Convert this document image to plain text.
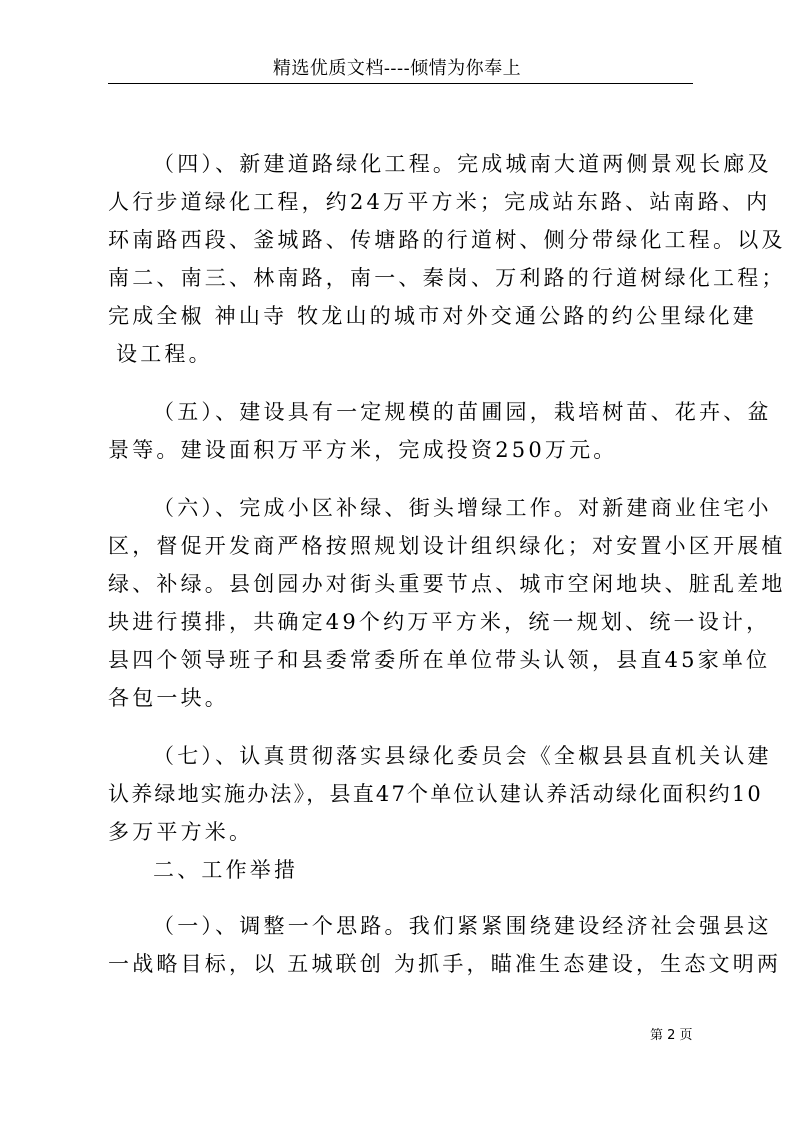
精选优质文档----倾情为你奉上
（四）、新建道路绿化工程。完成城南大道两侧景观长廊及
人行步道绿化工程，约24万平方米；完成站东路、站南路、内
环南路西段、釜城路、传塘路的行道树、侧分带绿化工程。以及
南二、南三、林南路，南一、秦岗、万利路的行道树绿化工程；
完成全椒 神山寺 牧龙山的城市对外交通公路的约公里绿化建
设工程。
（五）、建设具有一定规模的苗圃园，栽培树苗、花卉、盆
景等。建设面积万平方米，完成投资250万元。
（六）、完成小区补绿、街头增绿工作。对新建商业住宅小
区，督促开发商严格按照规划设计组织绿化；对安置小区开展植
绿、补绿。县创园办对街头重要节点、城市空闲地块、脏乱差地
块进行摸排，共确定49个约万平方米，统一规划、统一设计，
县四个领导班子和县委常委所在单位带头认领，县直45家单位
各包一块。
（七）、认真贯彻落实县绿化委员会《全椒县县直机关认建
认养绿地实施办法》，县直47个单位认建认养活动绿化面积约10
多万平方米。
二、工作举措
（一）、调整一个思路。我们紧紧围绕建设经济社会强县这
一战略目标，以 五城联创 为抓手，瞄准生态建设，生态文明两
第 2 页
